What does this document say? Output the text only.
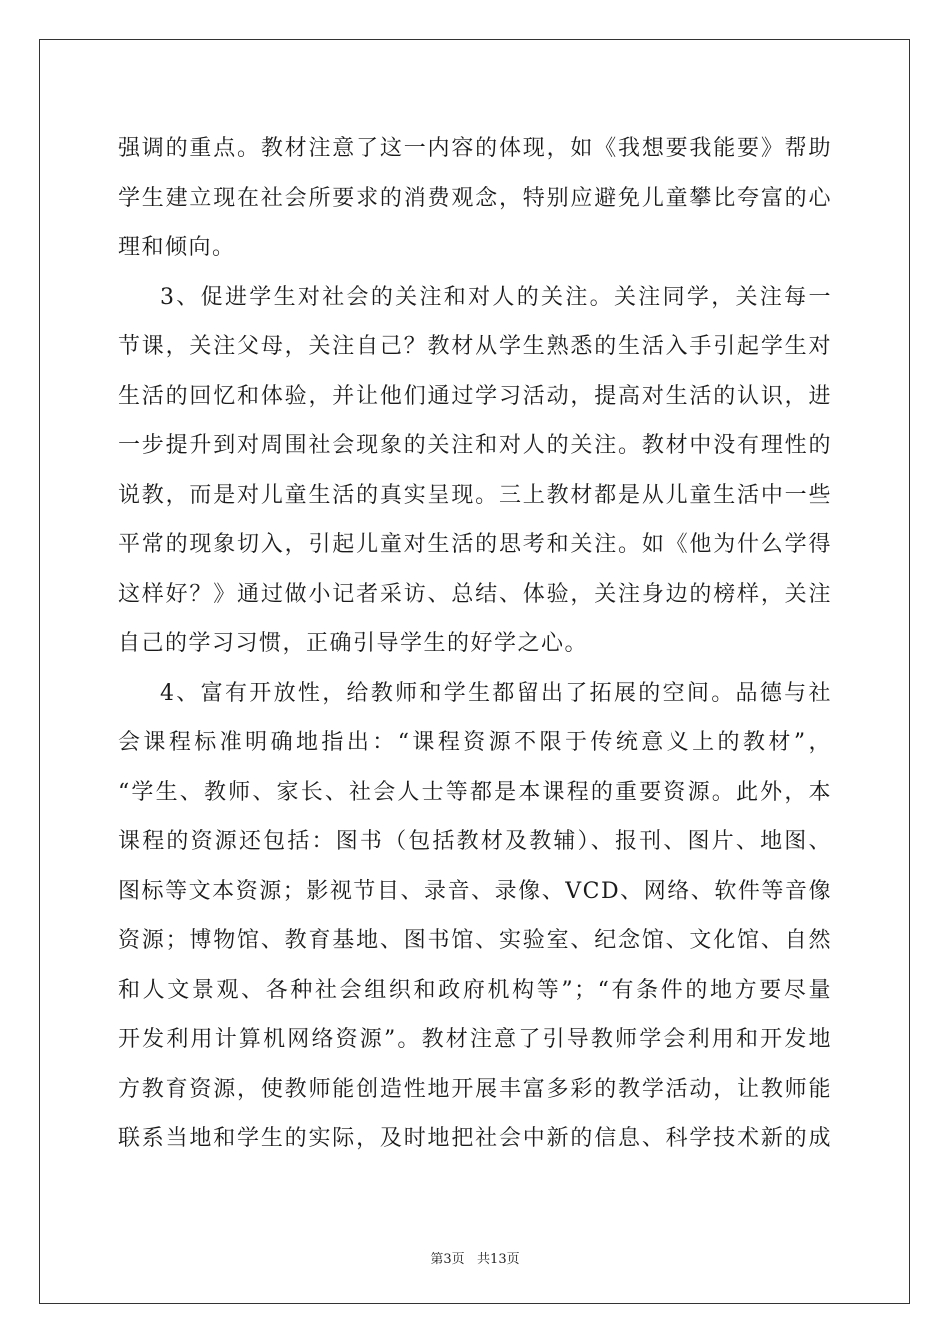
强调的重点。教材注意了这一内容的体现，如《我想要我能要》帮助
学生建立现在社会所要求的消费观念，特别应避免儿童攀比夸富的心
理和倾向。
3、促进学生对社会的关注和对人的关注。关注同学，关注每一
节课，关注父母，关注自己？教材从学生熟悉的生活入手引起学生对
生活的回忆和体验，并让他们通过学习活动，提高对生活的认识，进
一步提升到对周围社会现象的关注和对人的关注。教材中没有理性的
说教，而是对儿童生活的真实呈现。三上教材都是从儿童生活中一些
平常的现象切入，引起儿童对生活的思考和关注。如《他为什么学得
这样好？》通过做小记者采访、总结、体验，关注身边的榜样，关注
自己的学习习惯，正确引导学生的好学之心。
4、富有开放性，给教师和学生都留出了拓展的空间。品德与社
会课程标准明确地指出：“课程资源不限于传统意义上的教材”，
“学生、教师、家长、社会人士等都是本课程的重要资源。此外，本
课程的资源还包括：图书（包括教材及教辅）、报刊、图片、地图、
图标等文本资源；影视节目、录音、录像、VCD、网络、软件等音像
资源；博物馆、教育基地、图书馆、实验室、纪念馆、文化馆、自然
和人文景观、各种社会组织和政府机构等”；“有条件的地方要尽量
开发利用计算机网络资源”。教材注意了引导教师学会利用和开发地
方教育资源，使教师能创造性地开展丰富多彩的教学活动，让教师能
联系当地和学生的实际，及时地把社会中新的信息、科学技术新的成
第3页   共13页
